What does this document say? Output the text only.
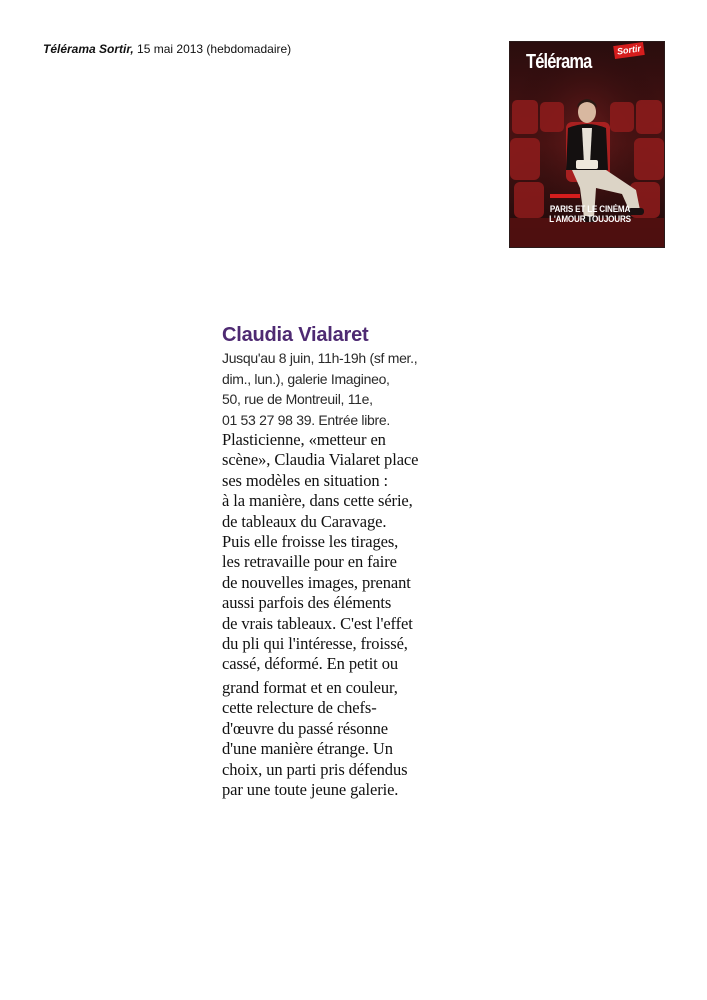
Télérama Sortir, 15 mai 2013 (hebdomadaire)
Télérama
Sortir
PARIS ET LE CINÉMA
L'AMOUR TOUJOURS
Claudia Vialaret
Jusqu'au 8 juin, 11h-19h (sf mer.,
dim., lun.), galerie Imagineo,
50, rue de Montreuil, 11e,
01 53 27 98 39. Entrée libre.
Plasticienne, «metteur en
scène», Claudia Vialaret place
ses modèles en situation :
à la manière, dans cette série,
de tableaux du Caravage.
Puis elle froisse les tirages,
les retravaille pour en faire
de nouvelles images, prenant
aussi parfois des éléments
de vrais tableaux. C'est l'effet
du pli qui l'intéresse, froissé,
cassé, déformé. En petit ou
grand format et en couleur,
cette relecture de chefs-
d'œuvre du passé résonne
d'une manière étrange. Un
choix, un parti pris défendus
par une toute jeune galerie.
